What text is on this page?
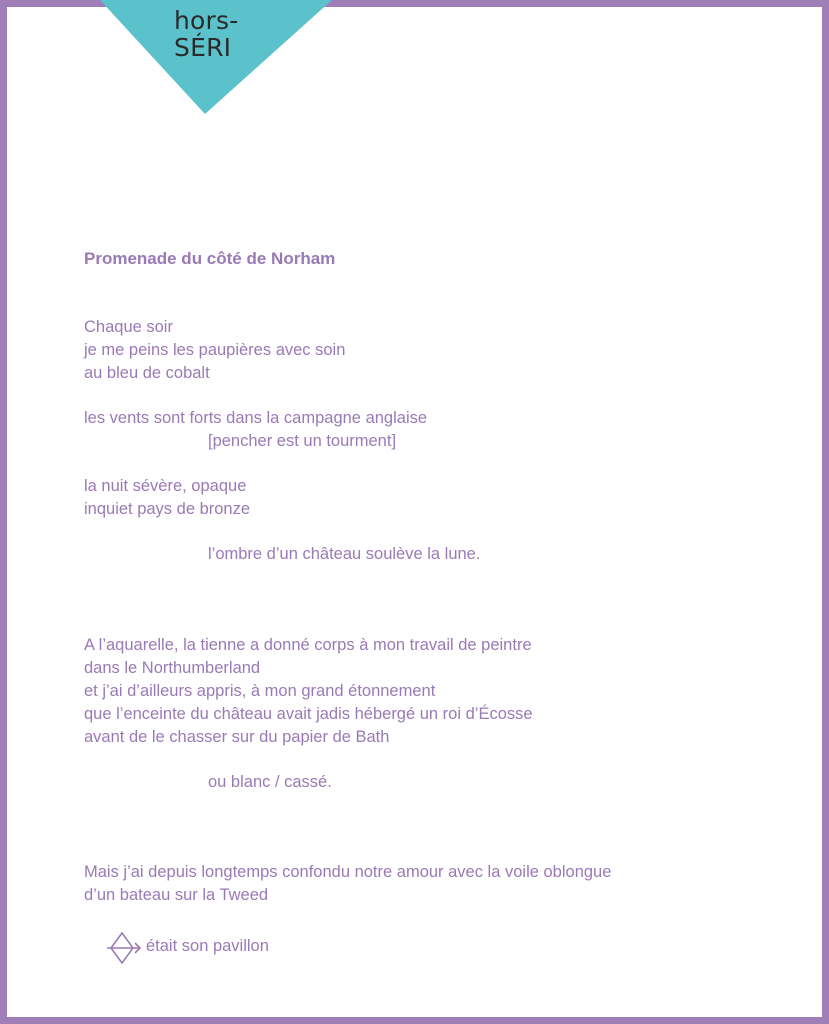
hors-
SÉRI
Promenade du côté de Norham
Chaque soir
je me peins les paupières avec soin
au bleu de cobalt
les vents sont forts dans la campagne anglaise
[pencher est un tourment]
la nuit sévère, opaque
inquiet pays de bronze
l’ombre d’un château soulève la lune.
A l’aquarelle, la tienne a donné corps à mon travail de peintre
dans le Northumberland
et j’ai d’ailleurs appris, à mon grand étonnement
que l’enceinte du château avait jadis hébergé un roi d’Écosse
avant de le chasser sur du papier de Bath
ou blanc / cassé.
Mais j’ai depuis longtemps confondu notre amour avec la voile oblongue
d’un bateau sur la Tweed
était son pavillon
